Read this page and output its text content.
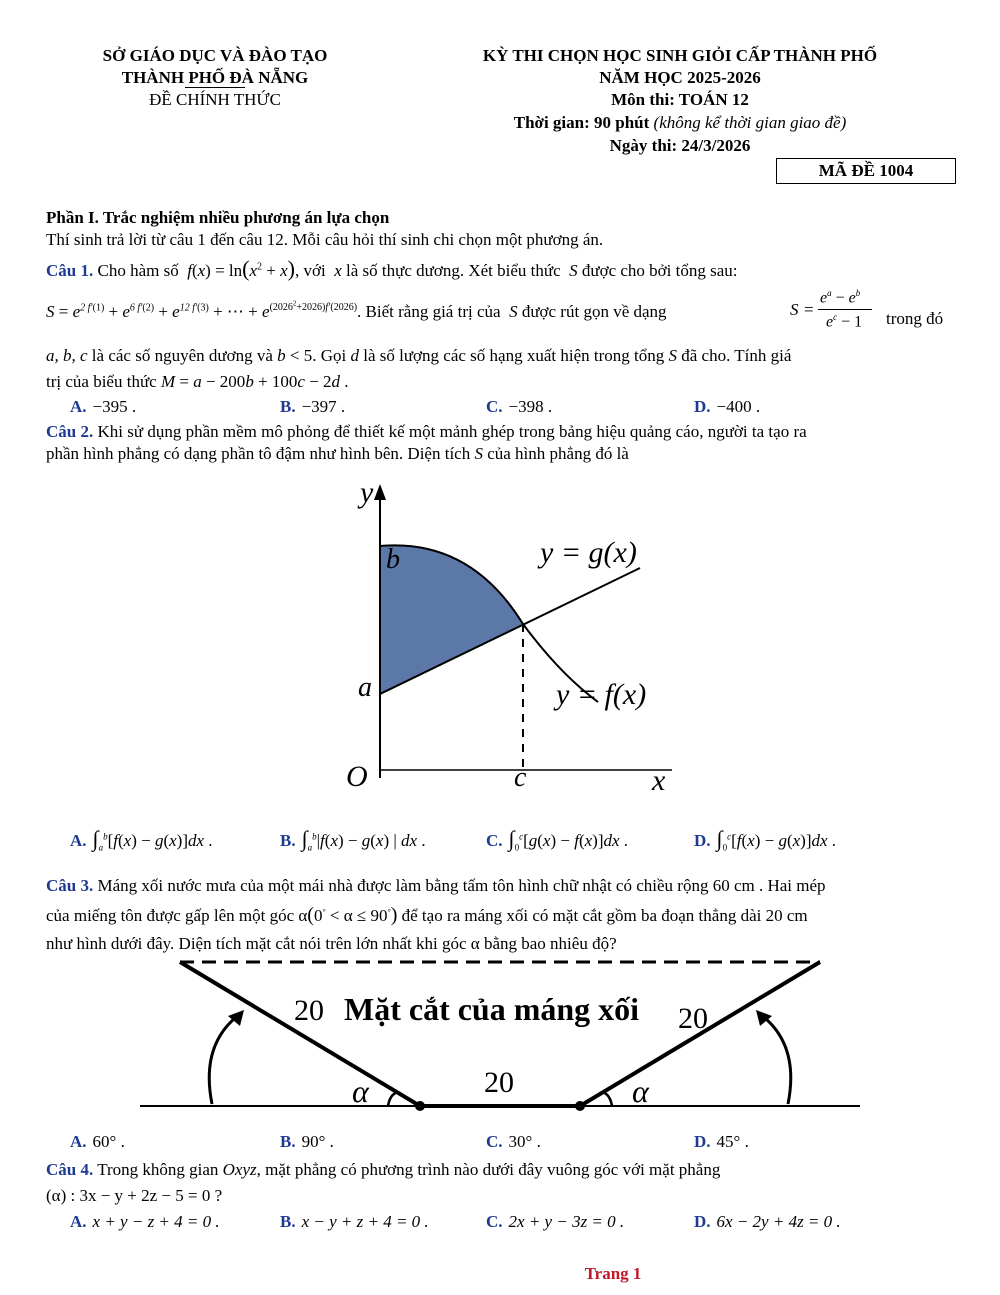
SỞ GIÁO DỤC VÀ ĐÀO TẠO
THÀNH PHỐ ĐÀ NẴNG
ĐỀ CHÍNH THỨC
KỲ THI CHỌN HỌC SINH GIỎI CẤP THÀNH PHỐ
NĂM HỌC 2025-2026
Môn thi: TOÁN 12
Thời gian: 90 phút (không kể thời gian giao đề)
Ngày thi: 24/3/2026
MÃ ĐỀ 1004
Phần I. Trắc nghiệm nhiều phương án lựa chọn
Thí sinh trả lời từ câu 1 đến câu 12. Mỗi câu hỏi thí sinh chi chọn một phương án.
Câu 1. Cho hàm số  $f(x) = \ln(x^2 + x)$, với  x là số thực dương. Xét biểu thức  S được cho bởi tổng sau:
$S = e^{2 f'(1)} + e^{6 f'(2)} + e^{12 f'(3)}$ + ⋯ + $e^{(2026^2+2026)f'(2026)}$. Biết rằng giá trị của  S được rút gọn về dạng	S =
$e^a - e^b$
$e^c - 1$ trong đó
a, b, c là các số nguyên dương và b < 5. Gọi d là số lượng các số hạng xuất hiện trong tổng S đã cho. Tính giá
trị của biểu thức M = a − 200b + 100c − 2d .
A. −395 .	B. −397 .	C. −398 .	D. −400 .
Câu 2. Khi sử dụng phần mềm mô phỏng để thiết kế một mảnh ghép trong bảng hiệu quảng cáo, người ta tạo ra
phần hình phẳng có dạng phần tô đậm như hình bên. Diện tích S của hình phẳng đó là
y
b
a
O	c	x
y = g(x)
y = f(x)
A. $\int_a^b[f(x) - g(x)]dx$ .	B. $\int_a^b|f(x) - g(x)$ | dx .	C. $\int_0^c[g(x) - f(x)]dx$ .	D. $\int_0^c[f(x) - g(x)]dx$ .
Câu 3. Máng xối nước mưa của một mái nhà được làm bằng tấm tôn hình chữ nhật có chiều rộng 60 cm . Hai mép
của miếng tôn được gấp lên một góc α(0° < α ≤ 90°) để tạo ra máng xối có mặt cắt gồm ba đoạn thẳng dài 20 cm
như hình dưới đây. Diện tích mặt cắt nói trên lớn nhất khi góc α bằng bao nhiêu độ?
20 Mặt cắt của máng xối 20
20
α	α
A. 60° .	B. 90° .	C. 30° .	D. 45° .
Câu 4. Trong không gian Oxyz, mặt phẳng có phương trình nào dưới đây vuông góc với mặt phẳng
(α) : 3x − y + 2z − 5 = 0 ?
A. x + y − z + 4 = 0 .	B. x − y + z + 4 = 0 .	C. 2x + y − 3z = 0 .	D. 6x − 2y + 4z = 0 .
Trang 1
